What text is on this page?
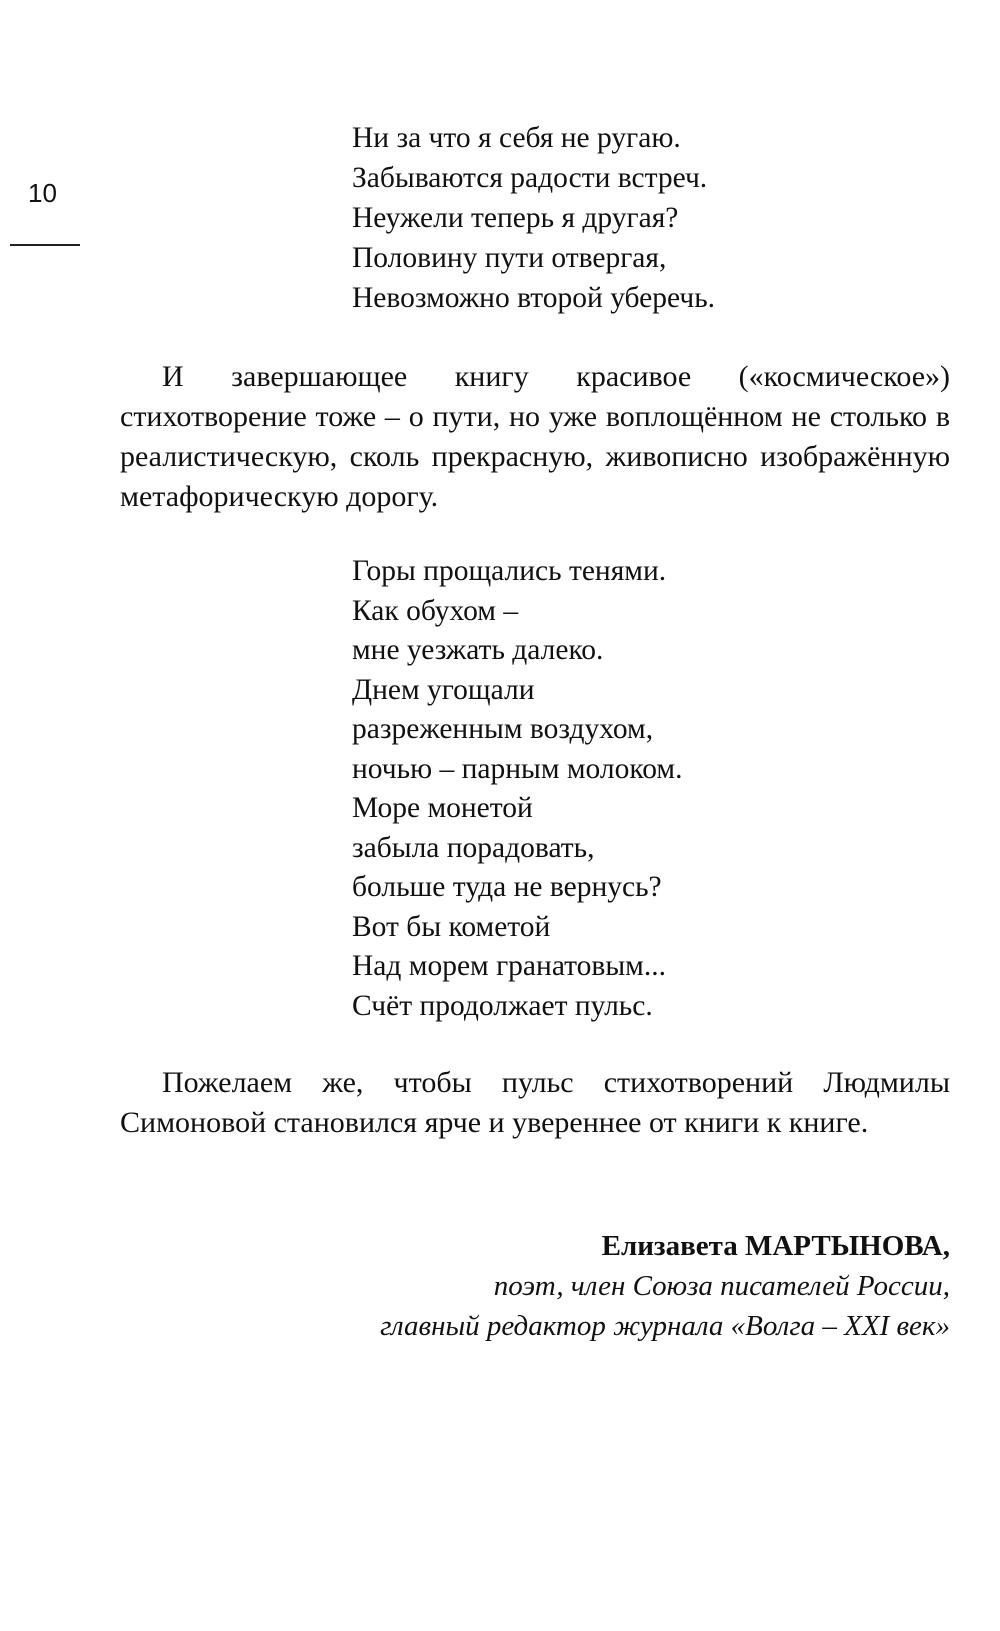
10
Ни за что я себя не ругаю.
Забываются радости встреч.
Неужели теперь я другая?
Половину пути отвергая,
Невозможно второй уберечь.

И завершающее книгу красивое («космическое») стихотворение тоже – о пути, но уже воплощённом не столько в реалистическую, сколь прекрасную, живописно изображённую метафорическую дорогу.

Горы прощались тенями.
Как обухом –
мне уезжать далеко.
Днем угощали
разреженным воздухом,
ночью – парным молоком.
Море монетой
забыла порадовать,
больше туда не вернусь?
Вот бы кометой
Над морем гранатовым...
Счёт продолжает пульс.

Пожелаем же, чтобы пульс стихотворений Людмилы Симоновой становился ярче и увереннее от книги к книге.

Елизавета МАРТЫНОВА,
поэт, член Союза писателей России,
главный редактор журнала «Волга – XXI век»
